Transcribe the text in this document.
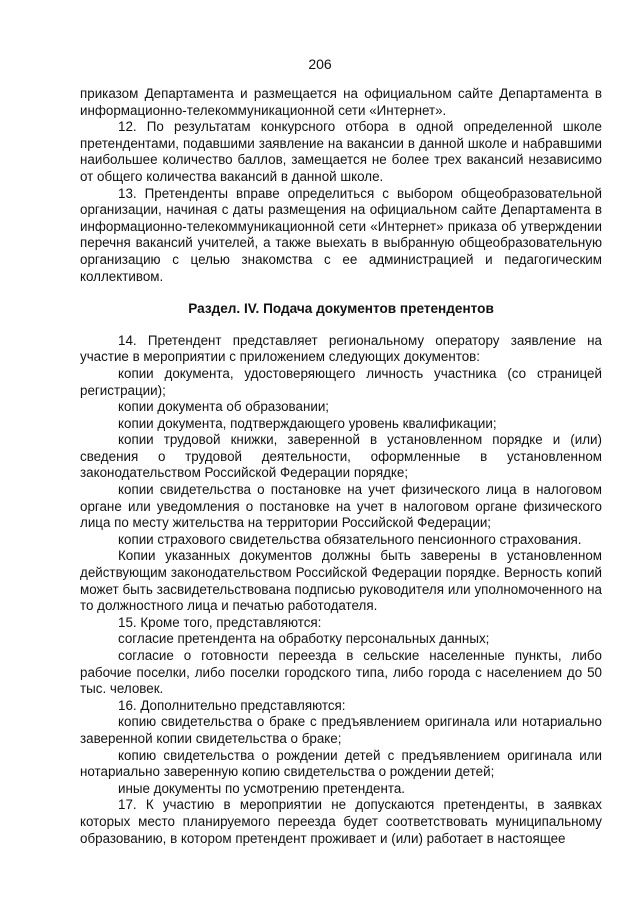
206

приказом Департамента и размещается на официальном сайте Департамента в информационно-телекоммуникационной сети «Интернет».

12. По результатам конкурсного отбора в одной определенной школе претендентами, подавшими заявление на вакансии в данной школе и набравшими наибольшее количество баллов, замещается не более трех вакансий независимо от общего количества вакансий в данной школе.

13. Претенденты вправе определиться с выбором общеобразовательной организации, начиная с даты размещения на официальном сайте Департамента в информационно-телекоммуникационной сети «Интернет» приказа об утверждении перечня вакансий учителей, а также выехать в выбранную общеобразовательную организацию с целью знакомства с ее администрацией и педагогическим коллективом.

Раздел. IV. Подача документов претендентов

14. Претендент представляет региональному оператору заявление на участие в мероприятии с приложением следующих документов:

копии документа, удостоверяющего личность участника (со страницей регистрации);

копии документа об образовании;

копии документа, подтверждающего уровень квалификации;

копии трудовой книжки, заверенной в установленном порядке и (или) сведения о трудовой деятельности, оформленные в установленном законодательством Российской Федерации порядке;

копии свидетельства о постановке на учет физического лица в налоговом органе или уведомления о постановке на учет в налоговом органе физического лица по месту жительства на территории Российской Федерации;

копии страхового свидетельства обязательного пенсионного страхования.

Копии указанных документов должны быть заверены в установленном действующим законодательством Российской Федерации порядке. Верность копий может быть засвидетельствована подписью руководителя или уполномоченного на то должностного лица и печатью работодателя.

15. Кроме того, представляются:

согласие претендента на обработку персональных данных;

согласие о готовности переезда в сельские населенные пункты, либо рабочие поселки, либо поселки городского типа, либо города с населением до 50 тыс. человек.

16. Дополнительно представляются:

копию свидетельства о браке с предъявлением оригинала или нотариально заверенной копии свидетельства о браке;

копию свидетельства о рождении детей с предъявлением оригинала или нотариально заверенную копию свидетельства о рождении детей;

иные документы по усмотрению претендента.

17. К участию в мероприятии не допускаются претенденты, в заявках которых место планируемого переезда будет соответствовать муниципальному образованию, в котором претендент проживает и (или) работает в настоящее
